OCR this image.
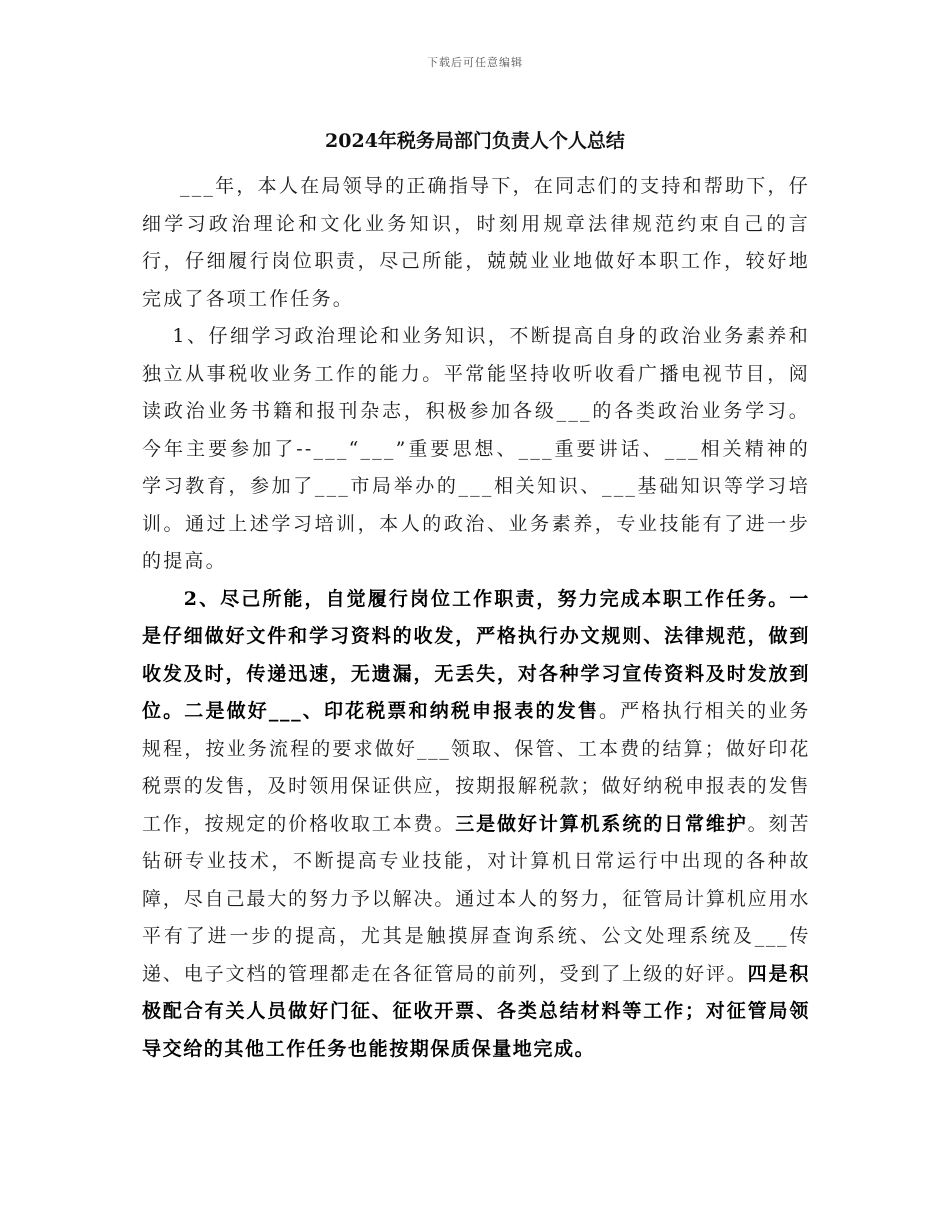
下载后可任意编辑
2024年税务局部门负责人个人总结

___年，本人在局领导的正确指导下，在同志们的支持和帮助下，仔细学习政治理论和文化业务知识，时刻用规章法律规范约束自己的言行，仔细履行岗位职责，尽己所能，兢兢业业地做好本职工作，较好地完成了各项工作任务。

1、仔细学习政治理论和业务知识，不断提高自身的政治业务素养和独立从事税收业务工作的能力。平常能坚持收听收看广播电视节目，阅读政治业务书籍和报刊杂志，积极参加各级___的各类政治业务学习。今年主要参加了--___“___”重要思想、___重要讲话、___相关精神的学习教育，参加了___市局举办的___相关知识、___基础知识等学习培训。通过上述学习培训，本人的政治、业务素养，专业技能有了进一步的提高。

2、尽己所能，自觉履行岗位工作职责，努力完成本职工作任务。一是仔细做好文件和学习资料的收发，严格执行办文规则、法律规范，做到收发及时，传递迅速，无遗漏，无丢失，对各种学习宣传资料及时发放到位。二是做好___、印花税票和纳税申报表的发售。严格执行相关的业务规程，按业务流程的要求做好___领取、保管、工本费的结算；做好印花税票的发售，及时领用保证供应，按期报解税款；做好纳税申报表的发售工作，按规定的价格收取工本费。三是做好计算机系统的日常维护。刻苦钻研专业技术，不断提高专业技能，对计算机日常运行中出现的各种故障，尽自己最大的努力予以解决。通过本人的努力，征管局计算机应用水平有了进一步的提高，尤其是触摸屏查询系统、公文处理系统及___传递、电子文档的管理都走在各征管局的前列，受到了上级的好评。四是积极配合有关人员做好门征、征收开票、各类总结材料等工作；对征管局领导交给的其他工作任务也能按期保质保量地完成。
